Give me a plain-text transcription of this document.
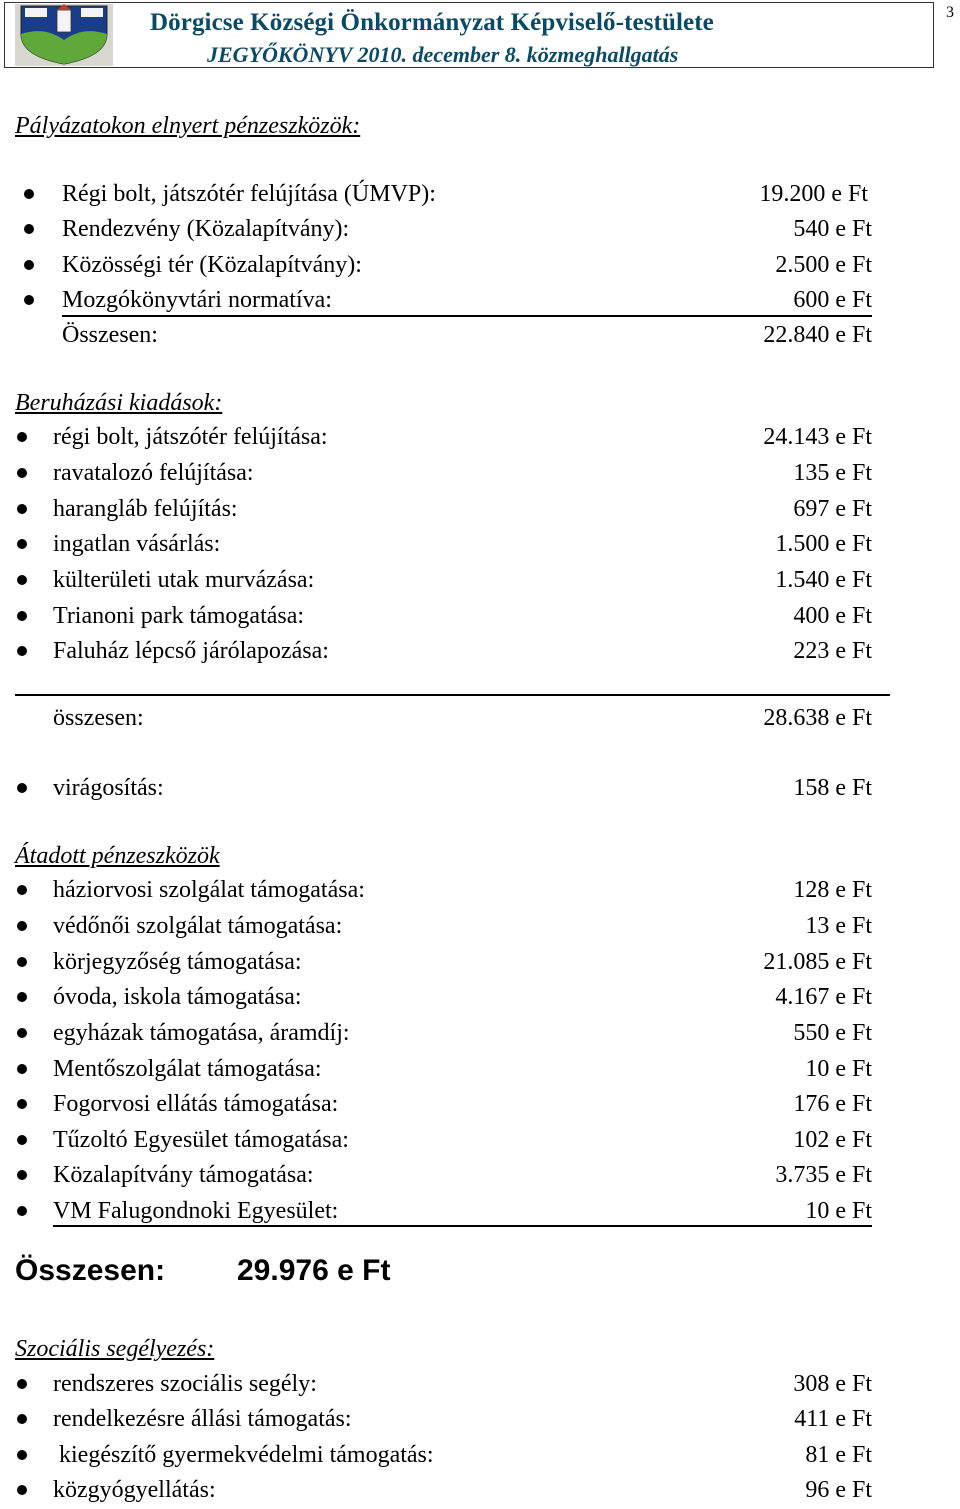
Dörgicse Községi Önkormányzat Képviselő-testülete
JEGYŐKÖNYV 2010. december 8. közmeghallgatás
3
Pályázatokon elnyert pénzeszközök:
Régi bolt, játszótér felújítása (ÚMVP):	19.200 e Ft
Rendezvény (Közalapítvány):	540 e Ft
Közösségi tér (Közalapítvány):	2.500 e Ft
Mozgókönyvtári normatíva:	600 e Ft
Összesen:	22.840 e Ft
Beruházási kiadások:
régi bolt, játszótér felújítása:	24.143 e Ft
ravatalozó felújítása:	135 e Ft
harangláb felújítás:	697 e Ft
ingatlan vásárlás:	1.500 e Ft
külterületi utak murvázása:	1.540 e Ft
Trianoni park támogatása:	400 e Ft
Faluház lépcső járólapozása:	223 e Ft
összesen:	28.638 e Ft
virágosítás:	158 e Ft
Átadott pénzeszközök
háziorvosi szolgálat támogatása:	128 e Ft
védőnői szolgálat támogatása:	13 e Ft
körjegyzőség támogatása:	21.085 e Ft
óvoda, iskola támogatása:	4.167 e Ft
egyházak támogatása, áramdíj:	550 e Ft
Mentőszolgálat támogatása:	10 e Ft
Fogorvosi ellátás támogatása:	176 e Ft
Tűzoltó Egyesület támogatása:	102 e Ft
Közalapítvány támogatása:	3.735 e Ft
VM Falugondnoki Egyesület:	10 e Ft
Összesen: 29.976 e Ft
Szociális segélyezés:
rendszeres szociális segély:	308 e Ft
rendelkezésre állási támogatás:	411 e Ft
kiegészítő gyermekvédelmi támogatás:	81 e Ft
közgyógyellátás:	96 e Ft
